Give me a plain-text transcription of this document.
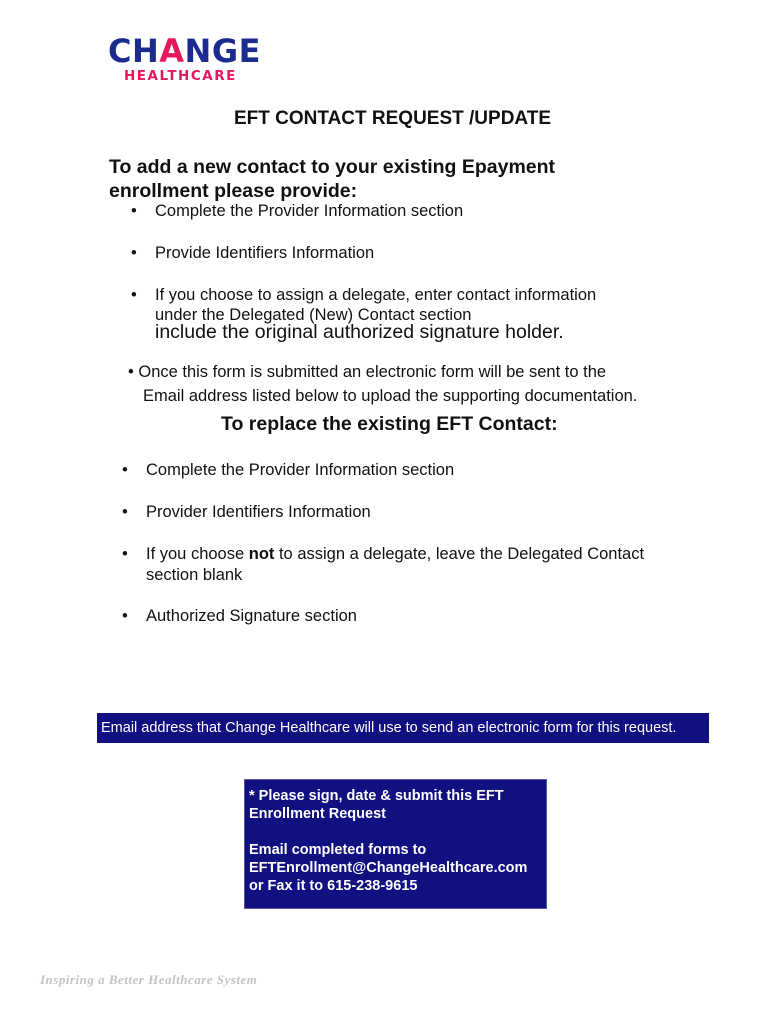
CHANGE
HEALTHCARE
EFT CONTACT REQUEST /UPDATE
To add a new contact to your existing Epayment
enrollment please provide:
• Complete the Provider Information section
• Provide Identifiers Information
• If you choose to assign a delegate, enter contact information
under the Delegated (New) Contact section
include the original authorized signature holder.
• Once this form is submitted an electronic form will be sent to the
Email address listed below to upload the supporting documentation.
To replace the existing EFT Contact:
• Complete the Provider Information section
• Provider Identifiers Information
• If you choose not to assign a delegate, leave the Delegated Contact
section blank
• Authorized Signature section
Email address that Change Healthcare will use to send an electronic form for this request.
* Please sign, date & submit this EFT
Enrollment Request
Email completed forms to
EFTEnrollment@ChangeHealthcare.com
or Fax it to 615-238-9615
Inspiring a Better Healthcare System
